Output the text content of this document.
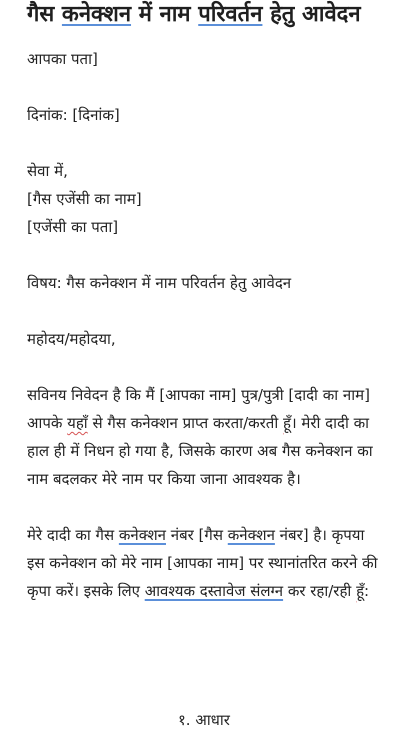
गैस कनेक्शन में नाम परिवर्तन हेतु आवेदन

आपका पता]

दिनांक: [दिनांक]

सेवा में,

[गैस एजेंसी का नाम]

[एजेंसी का पता]

विषय: गैस कनेक्शन में नाम परिवर्तन हेतु आवेदन

महोदय/महोदया,

सविनय निवेदन है कि मैं [आपका नाम] पुत्र/पुत्री [दादी का नाम] आपके यहाँ से गैस कनेक्शन प्राप्त करता/करती हूँ। मेरी दादी का हाल ही में निधन हो गया है, जिसके कारण अब गैस कनेक्शन का नाम बदलकर मेरे नाम पर किया जाना आवश्यक है।

मेरे दादी का गैस कनेक्शन नंबर [गैस कनेक्शन नंबर] है। कृपया इस कनेक्शन को मेरे नाम [आपका नाम] पर स्थानांतरित करने की कृपा करें। इसके लिए आवश्यक दस्तावेज संलग्न कर रहा/रही हूँ:

१. आधार
